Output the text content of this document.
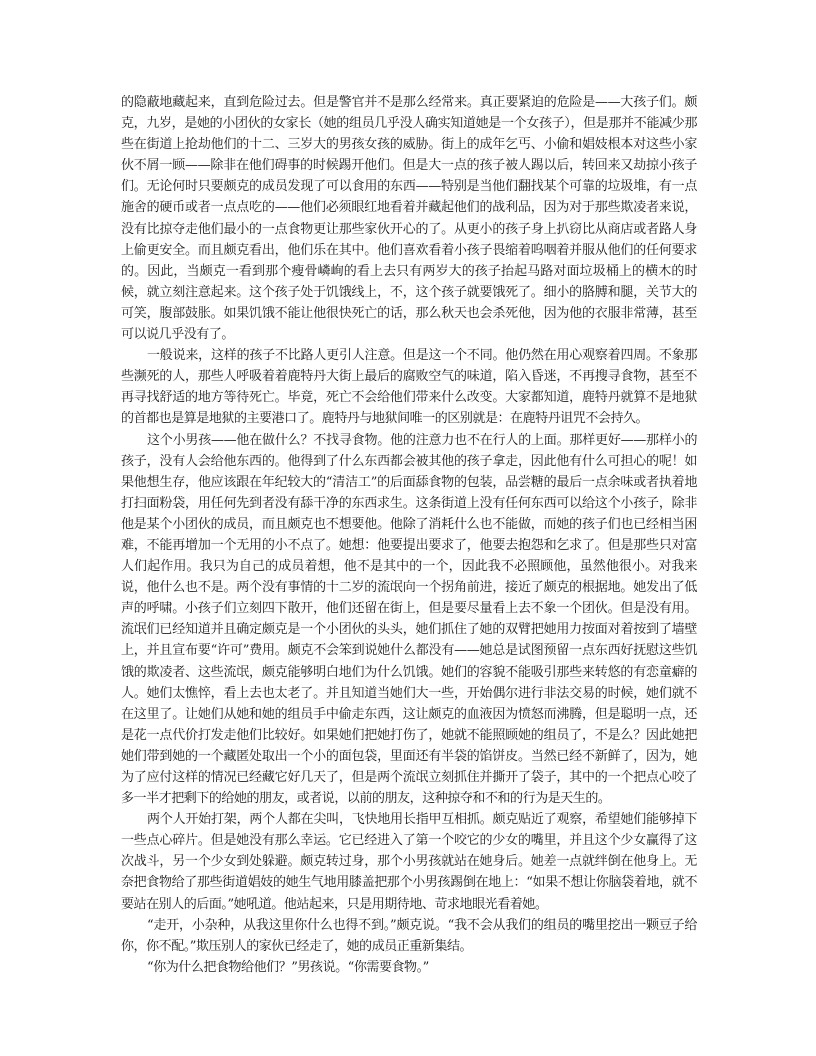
的隐蔽地藏起来，直到危险过去。但是警官并不是那么经常来。真正要紧迫的危险是——大孩子们。颇克，九岁，是她的小团伙的女家长（她的组员几乎没人确实知道她是一个女孩子），但是那并不能减少那些在街道上抢劫他们的十二、三岁大的男孩女孩的威胁。街上的成年乞丐、小偷和娼妓根本对这些小家伙不屑一顾——除非在他们碍事的时候踢开他们。但是大一点的孩子被人踢以后，转回来又劫掠小孩子们。无论何时只要颇克的成员发现了可以食用的东西——特别是当他们翻找某个可靠的垃圾堆，有一点施舍的硬币或者一点点吃的——他们必须眼红地看着并藏起他们的战利品，因为对于那些欺凌者来说，没有比掠夺走他们最小的一点食物更让那些家伙开心的了。从更小的孩子身上扒窃比从商店或者路人身上偷更安全。而且颇克看出，他们乐在其中。他们喜欢看着小孩子畏缩着呜咽着并服从他们的任何要求的。因此，当颇克一看到那个瘦骨嶙峋的看上去只有两岁大的孩子抬起马路对面垃圾桶上的横木的时候，就立刻注意起来。这个孩子处于饥饿线上，不，这个孩子就要饿死了。细小的胳膊和腿，关节大的可笑，腹部鼓胀。如果饥饿不能让他很快死亡的话，那么秋天也会杀死他，因为他的衣服非常薄，甚至可以说几乎没有了。

一般说来，这样的孩子不比路人更引人注意。但是这一个不同。他仍然在用心观察着四周。不象那些濒死的人，那些人呼吸着着鹿特丹大街上最后的腐败空气的味道，陷入昏迷，不再搜寻食物，甚至不再寻找舒适的地方等待死亡。毕竟，死亡不会给他们带来什么改变。大家都知道，鹿特丹就算不是地狱的首都也是算是地狱的主要港口了。鹿特丹与地狱间唯一的区别就是：在鹿特丹诅咒不会持久。

这个小男孩——他在做什么？不找寻食物。他的注意力也不在行人的上面。那样更好——那样小的孩子，没有人会给他东西的。他得到了什么东西都会被其他的孩子拿走，因此他有什么可担心的呢！如果他想生存，他应该跟在年纪较大的“清洁工”的后面舔食物的包装，品尝糖的最后一点余味或者执着地打扫面粉袋，用任何先到者没有舔干净的东西求生。这条街道上没有任何东西可以给这个小孩子，除非他是某个小团伙的成员，而且颇克也不想要他。他除了消耗什么也不能做，而她的孩子们也已经相当困难，不能再增加一个无用的小不点了。她想：他要提出要求了，他要去抱怨和乞求了。但是那些只对富人们起作用。我只为自己的成员着想，他不是其中的一个，因此我不必照顾他，虽然他很小。对我来说，他什么也不是。两个没有事情的十二岁的流氓向一个拐角前进，接近了颇克的根据地。她发出了低声的呼啸。小孩子们立刻四下散开，他们还留在街上，但是要尽量看上去不象一个团伙。但是没有用。流氓们已经知道并且确定颇克是一个小团伙的头头，她们抓住了她的双臂把她用力按面对着按到了墙壁上，并且宣布要“许可”费用。颇克不会笨到说她什么都没有——她总是试图预留一点东西好抚慰这些饥饿的欺凌者、这些流氓，颇克能够明白地们为什么饥饿。她们的容貌不能吸引那些来转悠的有恋童癖的人。她们太憔悴，看上去也太老了。并且知道当她们大一些，开始偶尔进行非法交易的时候，她们就不在这里了。让她们从她和她的组员手中偷走东西，这让颇克的血液因为愤怒而沸腾，但是聪明一点，还是花一点代价打发走他们比较好。如果她们把她打伤了，她就不能照顾她的组员了，不是么？因此她把她们带到她的一个藏匿处取出一个小的面包袋，里面还有半袋的馅饼皮。当然已经不新鲜了，因为，她为了应付这样的情况已经藏它好几天了，但是两个流氓立刻抓住并撕开了袋子，其中的一个把点心咬了多一半才把剩下的给她的朋友，或者说，以前的朋友，这种掠夺和不和的行为是天生的。

两个人开始打架，两个人都在尖叫，飞快地用长指甲互相抓。颇克贴近了观察，希望她们能够掉下一些点心碎片。但是她没有那么幸运。它已经进入了第一个咬它的少女的嘴里，并且这个少女赢得了这次战斗，另一个少女到处躲避。颇克转过身，那个小男孩就站在她身后。她差一点就绊倒在他身上。无奈把食物给了那些街道娼妓的她生气地用膝盖把那个小男孩踢倒在地上：“如果不想让你脑袋着地，就不要站在别人的后面。”她吼道。他站起来，只是用期待地、苛求地眼光看着她。

“走开，小杂种，从我这里你什么也得不到。”颇克说。“我不会从我们的组员的嘴里挖出一颗豆子给你，你不配。”欺压别人的家伙已经走了，她的成员正重新集结。

“你为什么把食物给他们？”男孩说。“你需要食物。”
